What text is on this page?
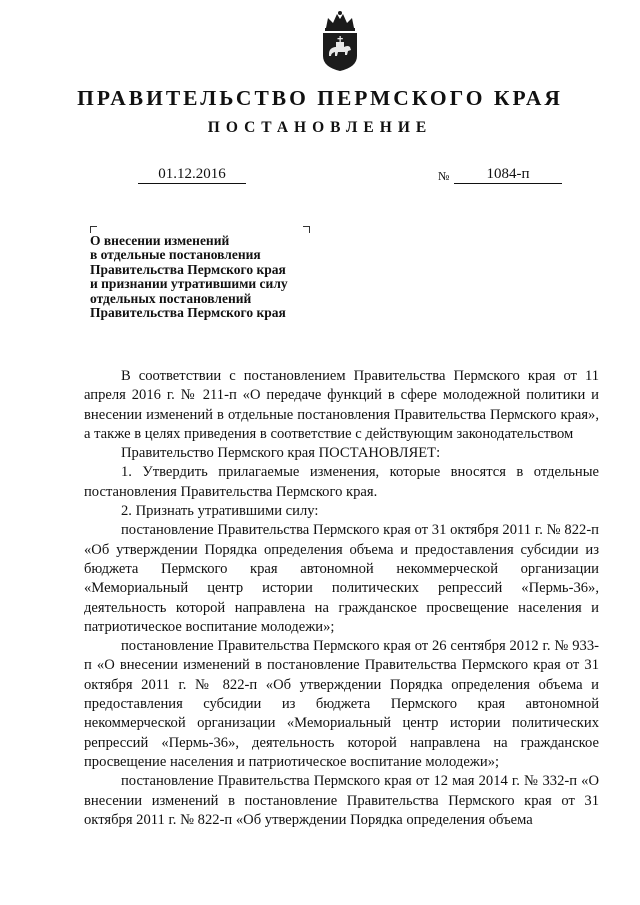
ПРАВИТЕЛЬСТВО ПЕРМСКОГО КРАЯ
ПОСТАНОВЛЕНИЕ
01.12.2016	№	1084-п
О внесении изменений
в отдельные постановления
Правительства Пермского края
и признании утратившими силу
отдельных постановлений
Правительства Пермского края

В соответствии с постановлением Правительства Пермского края от 11 апреля 2016 г. № 211-п «О передаче функций в сфере молодежной политики и внесении изменений в отдельные постановления Правительства Пермского края», а также в целях приведения в соответствие с действующим законодательством

Правительство Пермского края ПОСТАНОВЛЯЕТ:

1. Утвердить прилагаемые изменения, которые вносятся в отдельные постановления Правительства Пермского края.

2. Признать утратившими силу:

постановление Правительства Пермского края от 31 октября 2011 г. № 822-п «Об утверждении Порядка определения объема и предоставления субсидии из бюджета Пермского края автономной некоммерческой организации «Мемориальный центр истории политических репрессий «Пермь-36», деятельность которой направлена на гражданское просвещение населения и патриотическое воспитание молодежи»;

постановление Правительства Пермского края от 26 сентября 2012 г. № 933-п «О внесении изменений в постановление Правительства Пермского края от 31 октября 2011 г. № 822-п «Об утверждении Порядка определения объема и предоставления субсидии из бюджета Пермского края автономной некоммерческой организации «Мемориальный центр истории политических репрессий «Пермь-36», деятельность которой направлена на гражданское просвещение населения и патриотическое воспитание молодежи»;

постановление Правительства Пермского края от 12 мая 2014 г. № 332-п «О внесении изменений в постановление Правительства Пермского края от 31 октября 2011 г. № 822-п «Об утверждении Порядка определения объема
